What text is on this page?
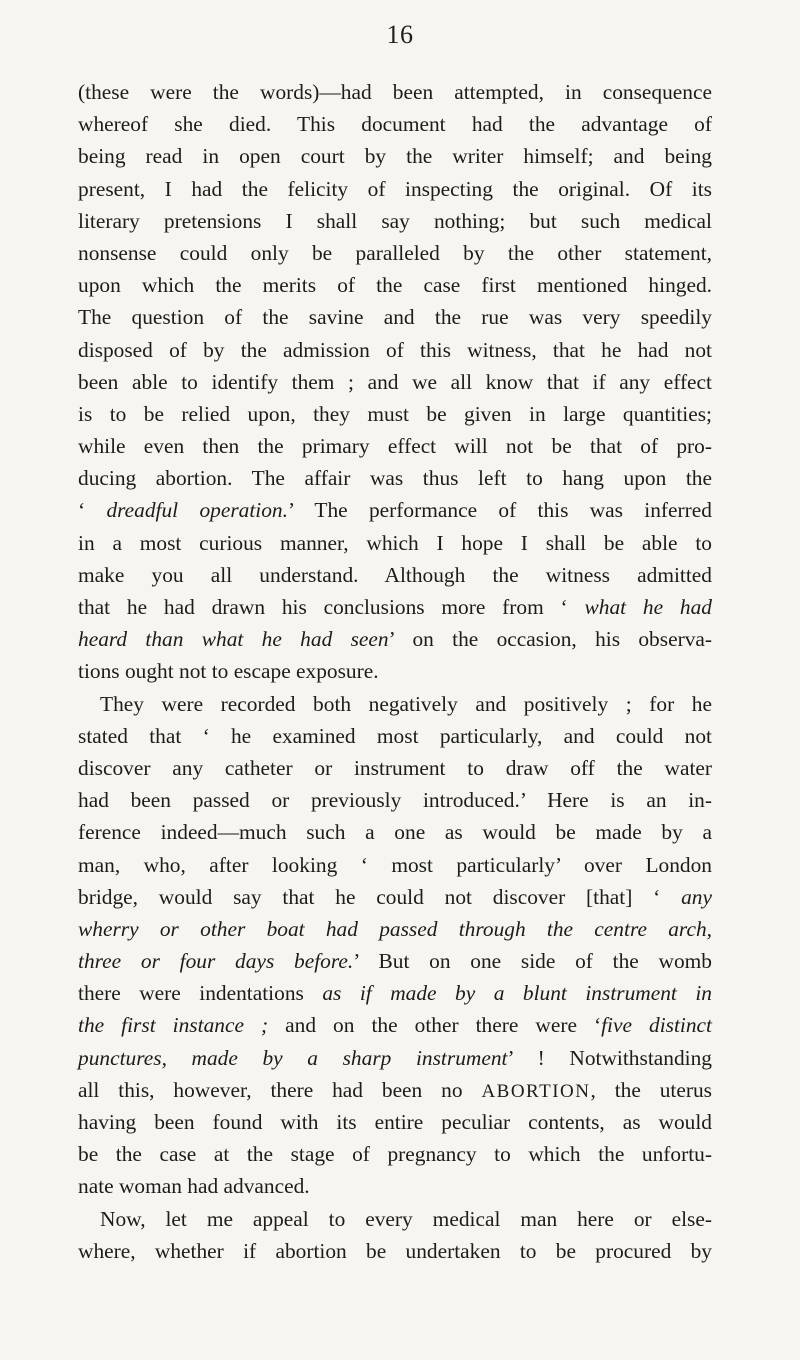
16
(these were the words)—had been attempted, in consequence
whereof she died. This document had the advantage of
being read in open court by the writer himself; and being
present, I had the felicity of inspecting the original. Of its
literary pretensions I shall say nothing; but such medical
nonsense could only be paralleled by the other statement,
upon which the merits of the case first mentioned hinged.
The question of the savine and the rue was very speedily
disposed of by the admission of this witness, that he had not
been able to identify them ; and we all know that if any effect
is to be relied upon, they must be given in large quantities;
while even then the primary effect will not be that of pro-
ducing abortion. The affair was thus left to hang upon the
‘ dreadful operation.’ The performance of this was inferred
in a most curious manner, which I hope I shall be able to
make you all understand. Although the witness admitted
that he had drawn his conclusions more from ‘ what he had
heard than what he had seen’ on the occasion, his observa-
tions ought not to escape exposure.
They were recorded both negatively and positively ; for he
stated that ‘ he examined most particularly, and could not
discover any catheter or instrument to draw off the water
had been passed or previously introduced.’ Here is an in-
ference indeed—much such a one as would be made by a
man, who, after looking ‘ most particularly’ over London
bridge, would say that he could not discover [that] ‘ any
wherry or other boat had passed through the centre arch,
three or four days before.’ But on one side of the womb
there were indentations as if made by a blunt instrument in
the first instance ; and on the other there were ‘five distinct
punctures, made by a sharp instrument’ ! Notwithstanding
all this, however, there had been no ABORTION, the uterus
having been found with its entire peculiar contents, as would
be the case at the stage of pregnancy to which the unfortu-
nate woman had advanced.
Now, let me appeal to every medical man here or else-
where, whether if abortion be undertaken to be procured by
